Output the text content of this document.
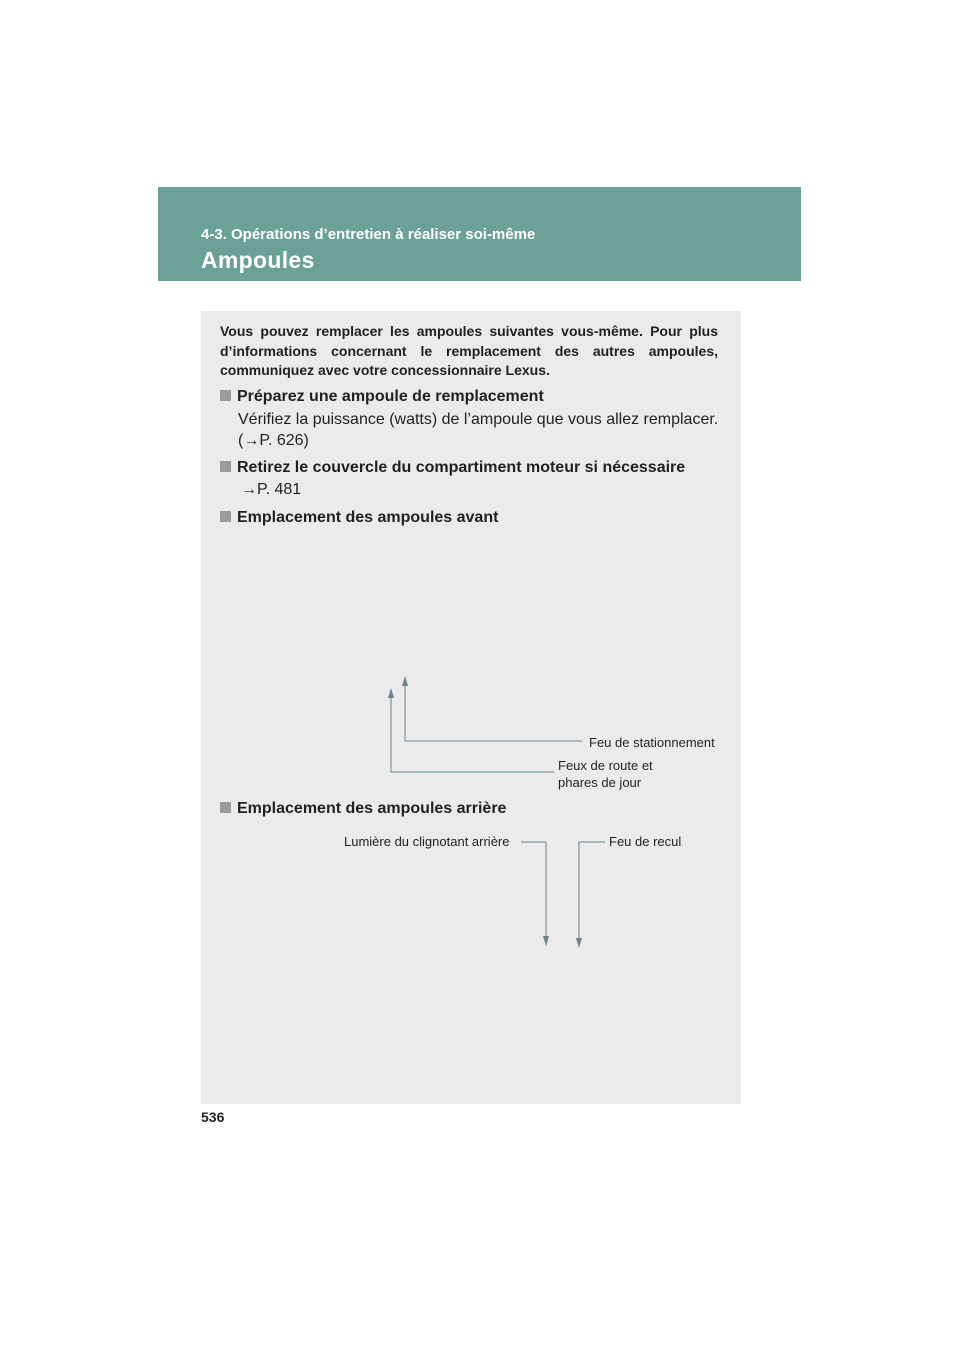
4-3. Opérations d’entretien à réaliser soi-même
Ampoules

Vous pouvez remplacer les ampoules suivantes vous-même. Pour plus d’informations concernant le remplacement des autres ampoules, communiquez avec votre concessionnaire Lexus.

Préparez une ampoule de remplacement
Vérifiez la puissance (watts) de l’ampoule que vous allez remplacer.
(→P. 626)
Retirez le couvercle du compartiment moteur si nécessaire
→P. 481
Emplacement des ampoules avant
Feu de stationnement
Feux de route et
phares de jour
Emplacement des ampoules arrière
Lumière du clignotant arrière	Feu de recul
536
